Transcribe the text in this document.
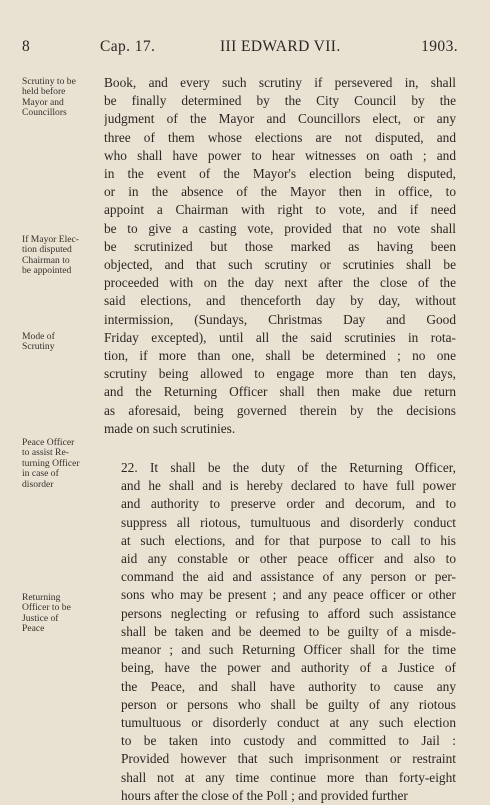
8	Cap. 17.	III EDWARD VII.	1903.
Scrutiny to be
held before
Mayor and
Councillors
If Mayor Elec-
tion disputed
Chairman to
be appointed
Mode of
Scrutiny
Peace Officer
to assist Re-
turning Officer
in case of
disorder
Returning
Officer to be
Justice of
Peace
Book, and every such scrutiny if persevered in, shall
be finally determined by the City Council by the
judgment of the Mayor and Councillors elect, or any
three of them whose elections are not disputed, and
who shall have power to hear witnesses on oath ; and
in the event of the Mayor's election being disputed,
or in the absence of the Mayor then in office, to
appoint a Chairman with right to vote, and if need
be to give a casting vote, provided that no vote shall
be scrutinized but those marked as having been
objected, and that such scrutiny or scrutinies shall be
proceeded with on the day next after the close of the
said elections, and thenceforth day by day, without
intermission, (Sundays, Christmas Day and Good
Friday excepted), until all the said scrutinies in rota-
tion, if more than one, shall be determined ; no one
scrutiny being allowed to engage more than ten days,
and the Returning Officer shall then make due return
as aforesaid, being governed therein by the decisions
made on such scrutinies.
22. It shall be the duty of the Returning Officer,
and he shall and is hereby declared to have full power
and authority to preserve order and decorum, and to
suppress all riotous, tumultuous and disorderly conduct
at such elections, and for that purpose to call to his
aid any constable or other peace officer and also to
command the aid and assistance of any person or per-
sons who may be present ; and any peace officer or other
persons neglecting or refusing to afford such assistance
shall be taken and be deemed to be guilty of a misde-
meanor ; and such Returning Officer shall for the time
being, have the power and authority of a Justice of
the Peace, and shall have authority to cause any
person or persons who shall be guilty of any riotous
tumultuous or disorderly conduct at any such election
to be taken into custody and committed to Jail :
Provided however that such imprisonment or restraint
shall not at any time continue more than forty-eight
hours after the close of the Poll ; and provided further
